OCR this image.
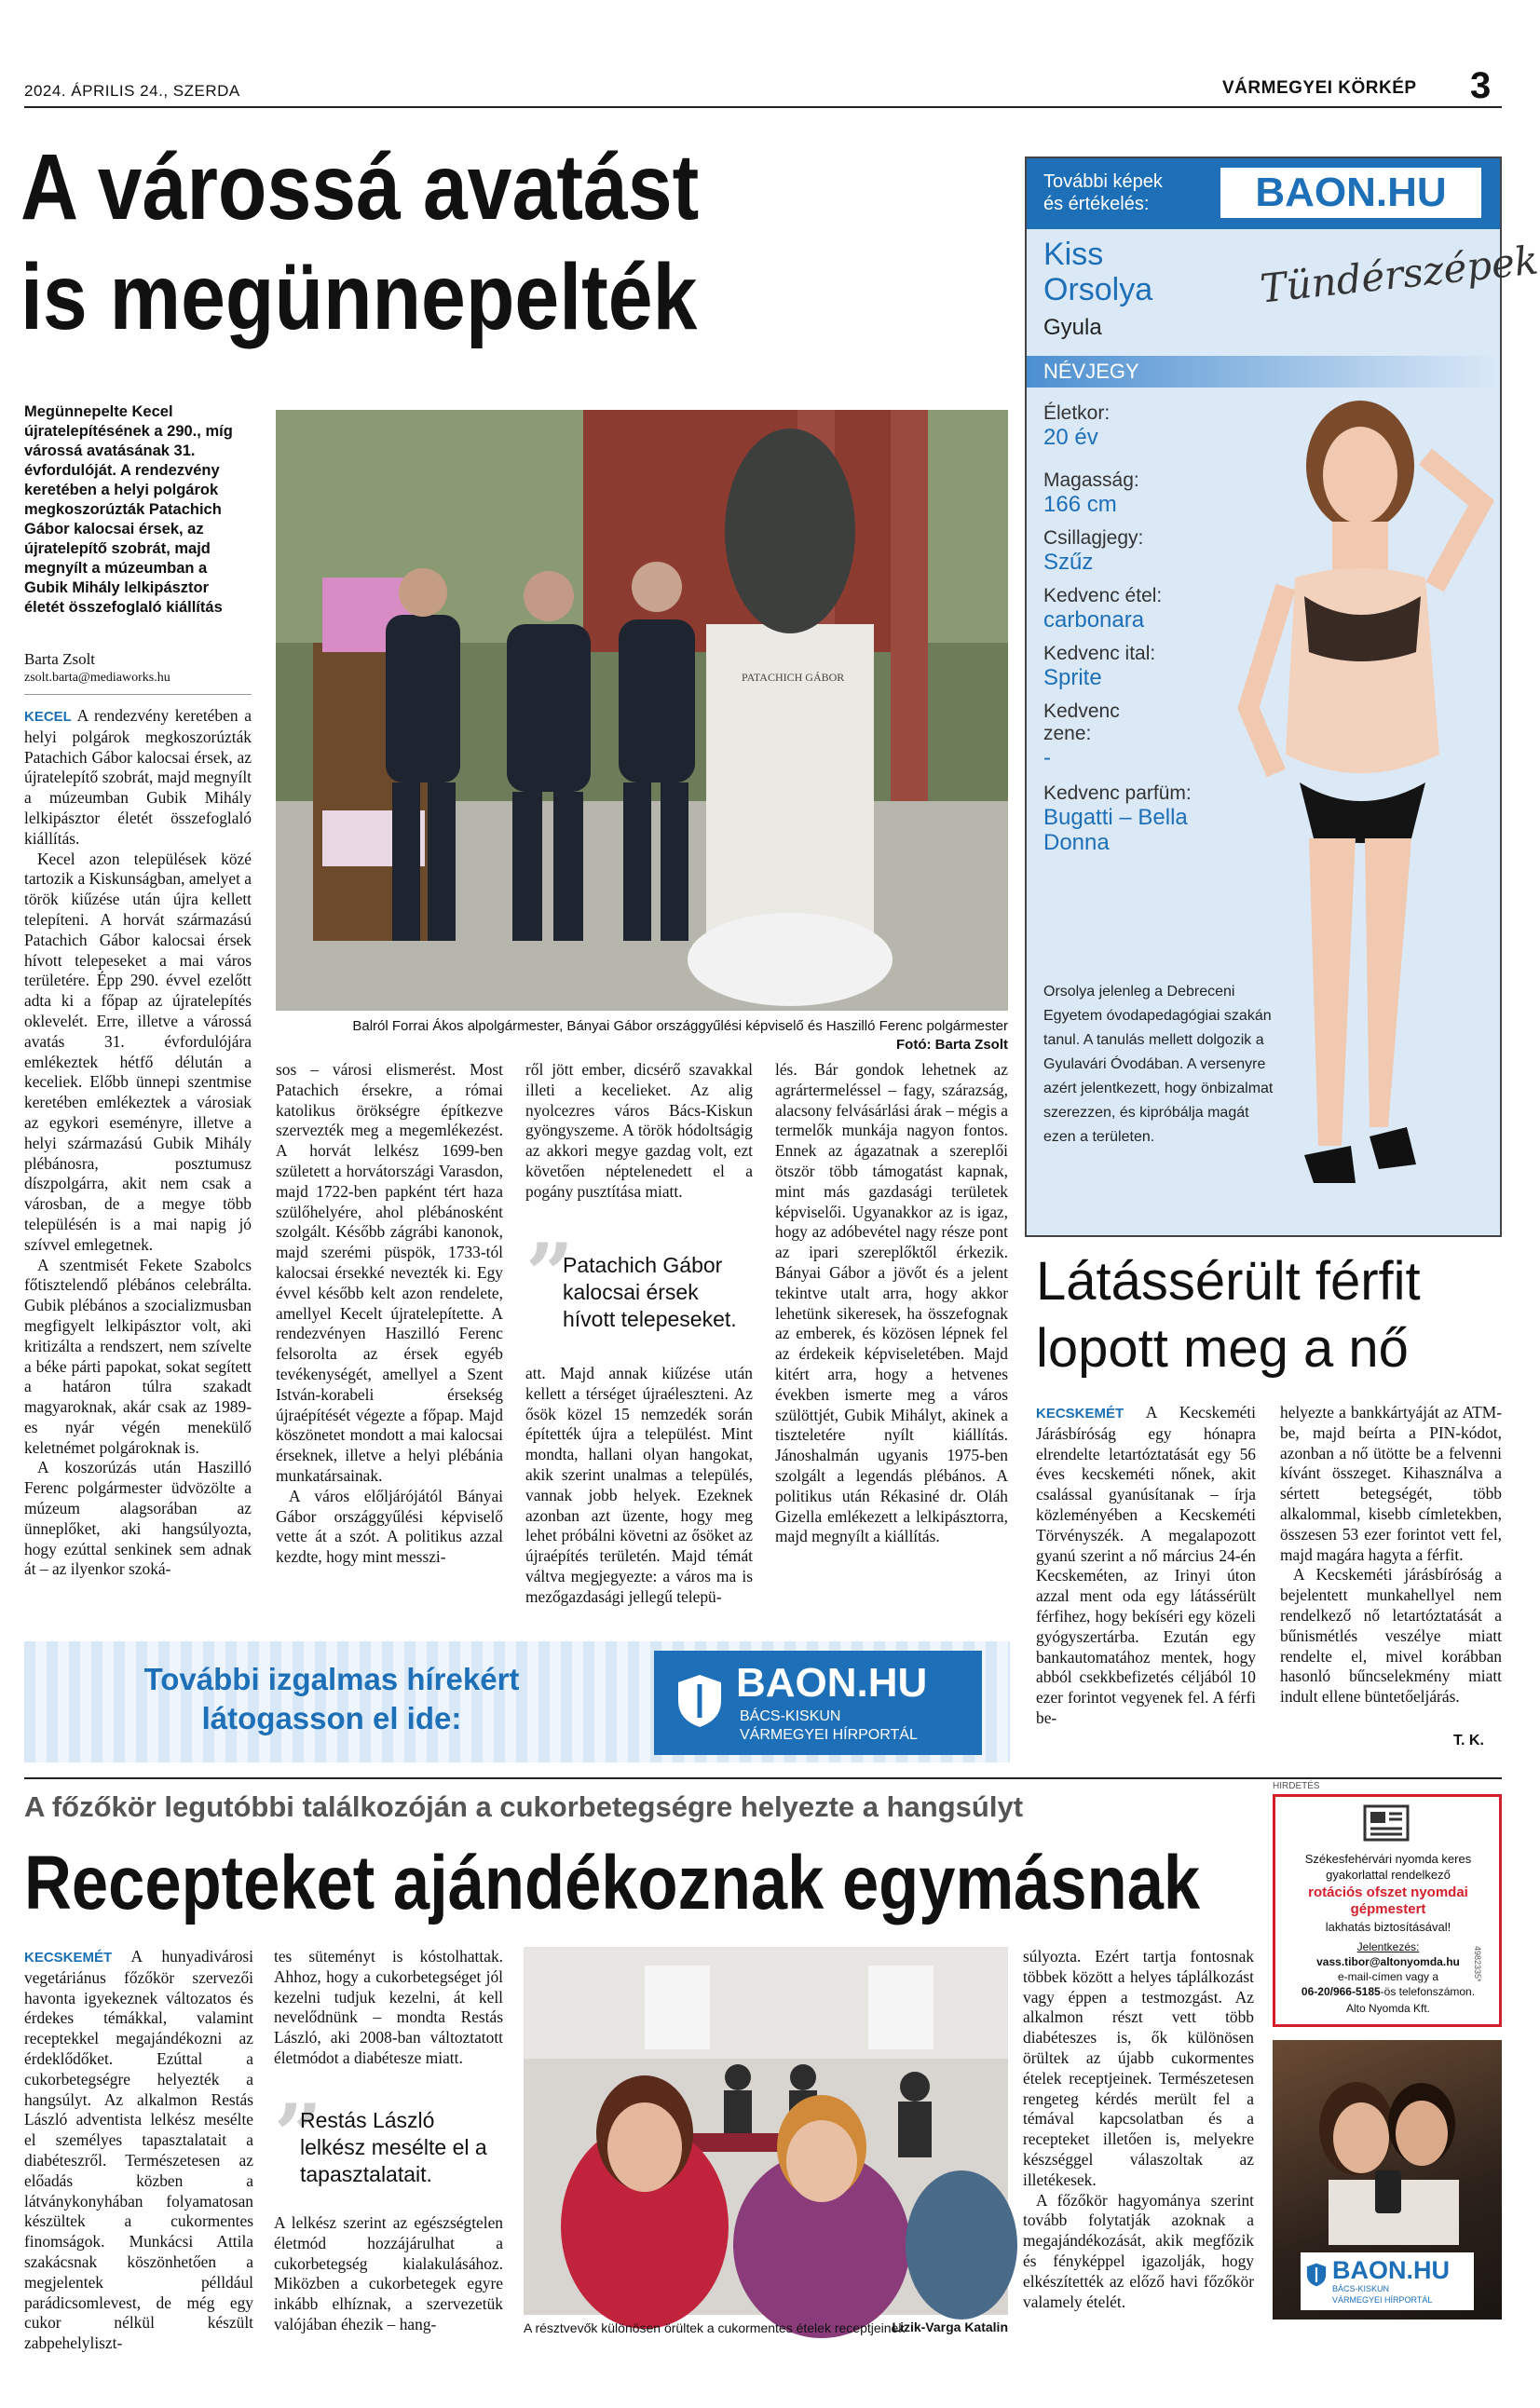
2024. ÁPRILIS 24., SZERDA	VÁRMEGYEI KÖRKÉP 3
A várossá avatást
is megünnepelték
Megünnepelte Kecel újratelepítésének a 290., míg várossá avatásának 31. évfordulóját. A rendezvény keretében a helyi polgárok megkoszorúzták Patachich Gábor kalocsai érsek, az újratelepítő szobrát, majd megnyílt a múzeumban a Gubik Mihály lelkipásztor életét összefoglaló kiállítás
Barta Zsolt
zsolt.barta@mediaworks.hu

KECEL A rendezvény keretében a helyi polgárok megkoszorúzták Patachich Gábor kalocsai érsek, az újratelepítő szobrát, majd megnyílt a múzeumban Gubik Mihály lelkipásztor életét összefoglaló kiállítás.

Kecel azon települések közé tartozik a Kiskunságban, amelyet a török kiűzése után újra kellett telepíteni. A horvát származású Patachich Gábor kalocsai érsek hívott telepeseket a mai város területére. Épp 290. évvel ezelőtt adta ki a főpap az újratelepítés oklevelét. Erre, illetve a várossá avatás 31. évfordulójára emlékeztek hétfő délután a keceliek. Előbb ünnepi szentmise keretében emlékeztek a városiak az egykori eseményre, illetve a helyi származású Gubik Mihály plébánosra, posztumusz díszpolgárra, akit nem csak a városban, de a megye több településén is a mai napig jó szívvel emlegetnek.

A szentmisét Fekete Szabolcs főtisztelendő plébános celebrálta. Gubik plébános a szocializmusban megfigyelt lelkipásztor volt, aki kritizálta a rendszert, nem szívelte a béke párti papokat, sokat segített a határon túlra szakadt magyaroknak, akár csak az 1989-es nyár végén menekülő keletnémet polgároknak is.

A koszorúzás után Haszilló Ferenc polgármester üdvözölte a múzeum alagsorában az ünneplőket, aki hangsúlyozta, hogy ezúttal senkinek sem adnak át – az ilyenkor szoká-

PATACHICH GÁBOR
Balról Forrai Ákos alpolgármester, Bányai Gábor országgyűlési képviselő és Haszilló Ferenc polgármester
Fotó: Barta Zsolt

sos – városi elismerést. Most Patachich érsekre, a római katolikus örökségre építkezve szervezték meg a megemlékezést. A horvát lelkész 1699-ben született a horvátországi Varasdon, majd 1722-ben papként tért haza szülőhelyére, ahol plébánosként szolgált. Később zágrábi kanonok, majd szerémi püspök, 1733-tól kalocsai érsekké nevezték ki. Egy évvel később kelt azon rendelete, amellyel Kecelt újratelepítette. A rendezvényen Haszilló Ferenc felsorolta az érsek egyéb tevékenységét, amellyel a Szent István-korabeli érsekség újraépítését végezte a főpap. Majd köszönetet mondott a mai kalocsai érseknek, illetve a helyi plébánia munkatársainak.

A város előljárójától Bányai Gábor országgyűlési képviselő vette át a szót. A politikus azzal kezdte, hogy mint messzi-

ről jött ember, dicsérő szavakkal illeti a kecelieket. Az alig nyolcezres város Bács-Kiskun gyöngyszeme. A török hódoltságig az akkori megye gazdag volt, ezt követően néptelenedett el a pogány pusztítása miatt.

”
Patachich Gábor kalocsai érsek hívott telepeseket.

att. Majd annak kiűzése után kellett a térséget újraéleszteni. Az ősök közel 15 nemzedék során építették újra a települést. Mint mondta, hallani olyan hangokat, akik szerint unalmas a település, vannak jobb helyek. Ezeknek azonban azt üzente, hogy meg lehet próbálni követni az ősöket az újraépítés területén. Majd témát váltva megjegyezte: a város ma is mezőgazdasági jellegű telepü-

lés. Bár gondok lehetnek az agrártermeléssel – fagy, szárazság, alacsony felvásárlási árak – mégis a termelők munkája nagyon fontos. Ennek az ágazatnak a szereplői ötször több támogatást kapnak, mint más gazdasági területek képviselői. Ugyanakkor az is igaz, hogy az adóbevétel nagy része pont az ipari szereplőktől érkezik. Bányai Gábor a jövőt és a jelent tekintve utalt arra, hogy akkor lehetünk sikeresek, ha összefognak az emberek, és közösen lépnek fel az érdekeik képviseletében. Majd kitért arra, hogy a hetvenes években ismerte meg a város szülöttjét, Gubik Mihályt, akinek a tiszteletére nyílt kiállítás. Jánoshalmán ugyanis 1975-ben szolgált a legendás plébános. A politikus után Rékasiné dr. Oláh Gizella emlékezett a lelkipásztorra, majd megnyílt a kiállítás.

További képek
és értékelés:	BAON.HU
Kiss
Orsolya
Gyula
Tündérszépek
NÉVJEGY
Életkor:
20 év
Magasság:
166 cm
Csillagjegy:
Szűz
Kedvenc étel:
carbonara
Kedvenc ital:
Sprite
Kedvenc zene:
-
Kedvenc parfüm:
Bugatti – Bella Donna
Orsolya jelenleg a Debreceni Egyetem óvodapedagógiai szakán tanul. A tanulás mellett dolgozik a Gyulavári Óvodában. A versenyre azért jelentkezett, hogy önbizalmat szerezzen, és kipróbálja magát ezen a területen.
Látássérült férfit
lopott meg a nő

KECSKEMÉT A Kecskeméti Járásbíróság egy hónapra elrendelte letartóztatását egy 56 éves kecskeméti nőnek, akit csalással gyanúsítanak – írja közleményében a Kecskeméti Törvényszék. A megalapozott gyanú szerint a nő március 24-én Kecskeméten, az Irinyi úton azzal ment oda egy látássérült férfihez, hogy bekíséri egy közeli gyógyszertárba. Ezután egy bankautomatához mentek, hogy abból csekkbefizetés céljából 10 ezer forintot vegyenek fel. A férfi be-

helyezte a bankkártyáját az ATM-be, majd beírta a PIN-kódot, azonban a nő ütötte be a felvenni kívánt összeget. Kihasználva a sértett betegségét, több alkalommal, kisebb címletekben, összesen 53 ezer forintot vett fel, majd magára hagyta a férfit.

A Kecskeméti járásbíróság a bejelentett munkahellyel nem rendelkező nő letartóztatását a bűnismétlés veszélye miatt rendelte el, mivel korábban hasonló bűncselekmény miatt indult ellene büntetőeljárás.

T. K.
További izgalmas hírekért
látogasson el ide:
BAON.HU
BÁCS-KISKUN
VÁRMEGYEI HÍRPORTÁL
A főzőkör legutóbbi találkozóján a cukorbetegségre helyezte a hangsúlyt
Recepteket ajándékoznak egymásnak

KECSKEMÉT A hunyadivárosi vegetáriánus főzőkör szervezői havonta igyekeznek változatos és érdekes témákkal, valamint receptekkel megajándékozni az érdeklődőket. Ezúttal a cukorbetegségre helyezték a hangsúlyt. Az alkalmon Restás László adventista lelkész mesélte el személyes tapasztalatait a diabéteszről. Természetesen az előadás közben a látványkonyhában folyamatosan készültek a cukormentes finomságok. Munkácsi Attila szakácsnak köszönhetően a megjelentek pélldául parádicsomlevest, de még egy cukor nélkül készült zabpehelyliszt-

tes süteményt is kóstolhattak. Ahhoz, hogy a cukorbetegséget jól kezelni tudjuk kezelni, át kell nevelődnünk – mondta Restás László, aki 2008-ban változtatott életmódot a diabétesze miatt.

”
Restás László lelkész mesélte el a tapasztalatait.

A lelkész szerint az egészségtelen életmód hozzájárulhat a cukorbetegség kialakulásához. Miközben a cukorbetegek egyre inkább elhíznak, a szervezetük valójában éhezik – hang-	A résztvevők különösen örültek a cukormentes ételek receptjeinek
Lizik-Varga Katalin

súlyozta. Ezért tartja fontosnak többek között a helyes táplálkozást vagy éppen a testmozgást. Az alkalmon részt vett több diabéteszes is, ők különösen örültek az újabb cukormentes ételek receptjeinek. Természetesen rengeteg kérdés merült fel a témával kapcsolatban és a recepteket illetően is, melyekre készséggel válaszoltak az illetékesek.

A főzőkör hagyománya szerint tovább folytatják azoknak a megajándékozását, akik megfőzik és fényképpel igazolják, hogy elkészítették az előző havi főzőkör valamely ételét.

HIRDETÉS
Székesfehérvári nyomda keres gyakorlattal rendelkező
rotációs ofszet nyomdai gépmestert
lakhatás biztosításával!
Jelentkezés:
vass.tibor@altonyomda.hu
e-mail-címen vagy a
06-20/966-5185-ös telefonszámon.
Alto Nyomda Kft.
4982335*
BAON.HU
BÁCS-KISKUN
VÁRMEGYEI HÍRPORTÁL
